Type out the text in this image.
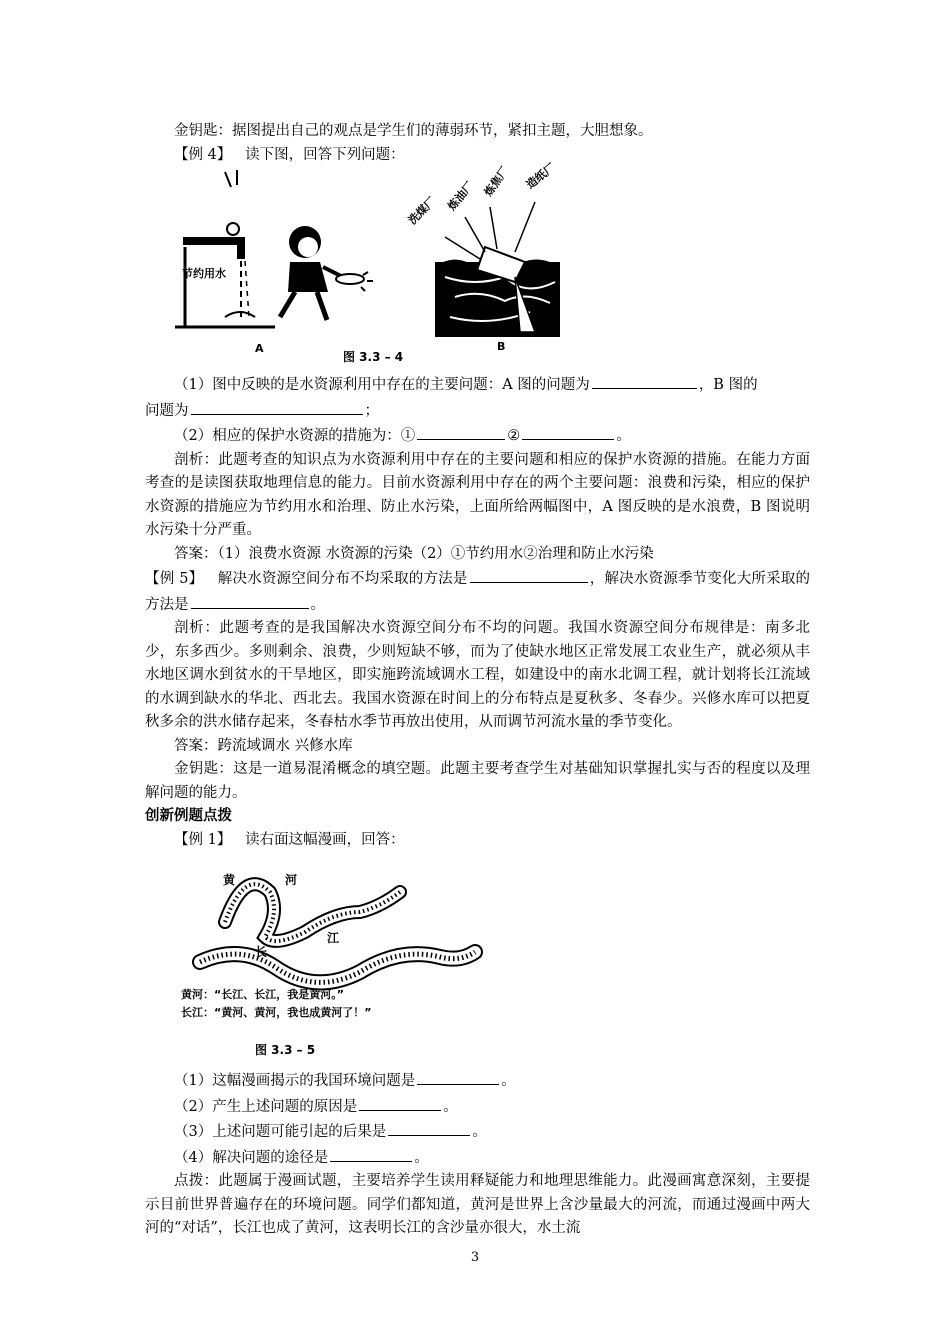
金钥匙：据图提出自己的观点是学生们的薄弱环节，紧扣主题，大胆想象。

【例 4】 读下图，回答下列问题：

节约用水
A
洗煤厂 炼油厂 炼焦厂 造纸厂
B
图 3.3 – 4

（1）图中反映的是水资源利用中存在的主要问题：A 图的问题为	，B 图的

问题为	；

（2）相应的保护水资源的措施为：①	②	。

剖析：此题考查的知识点为水资源利用中存在的主要问题和相应的保护水资源的措施。在能力方面考查的是读图获取地理信息的能力。目前水资源利用中存在的两个主要问题：浪费和污染，相应的保护水资源的措施应为节约用水和治理、防止水污染，上面所给两幅图中，A 图反映的是水浪费，B 图说明水污染十分严重。

答案：（1）浪费水资源 水资源的污染（2）①节约用水②治理和防止水污染

【例 5】 解决水资源空间分布不均采取的方法是	，解决水资源季节变化大所采取的方法是	。

剖析：此题考查的是我国解决水资源空间分布不均的问题。我国水资源空间分布规律是：南多北少，东多西少。多则剩余、浪费，少则短缺不够，而为了使缺水地区正常发展工农业生产，就必须从丰水地区调水到贫水的干旱地区，即实施跨流域调水工程，如建设中的南水北调工程，就计划将长江流域的水调到缺水的华北、西北去。我国水资源在时间上的分布特点是夏秋多、冬春少。兴修水库可以把夏秋多余的洪水储存起来，冬春枯水季节再放出使用，从而调节河流水量的季节变化。

答案：跨流域调水 兴修水库

金钥匙：这是一道易混淆概念的填空题。此题主要考查学生对基础知识掌握扎实与否的程度以及理解问题的能力。

创新例题点拨

【例 1】 读右面这幅漫画，回答：

黄	河
长
江
黄河：“长江、长江，我是黄河。”
长江：“黄河、黄河，我也成黄河了！”
图 3.3 – 5

（1）这幅漫画揭示的我国环境问题是	。

（2）产生上述问题的原因是	。

（3）上述问题可能引起的后果是	。

（4）解决问题的途径是	。

点拨：此题属于漫画试题，主要培养学生读用释疑能力和地理思维能力。此漫画寓意深刻，主要提示目前世界普遍存在的环境问题。同学们都知道，黄河是世界上含沙量最大的河流，而通过漫画中两大河的“对话”，长江也成了黄河，这表明长江的含沙量亦很大，水土流

3
